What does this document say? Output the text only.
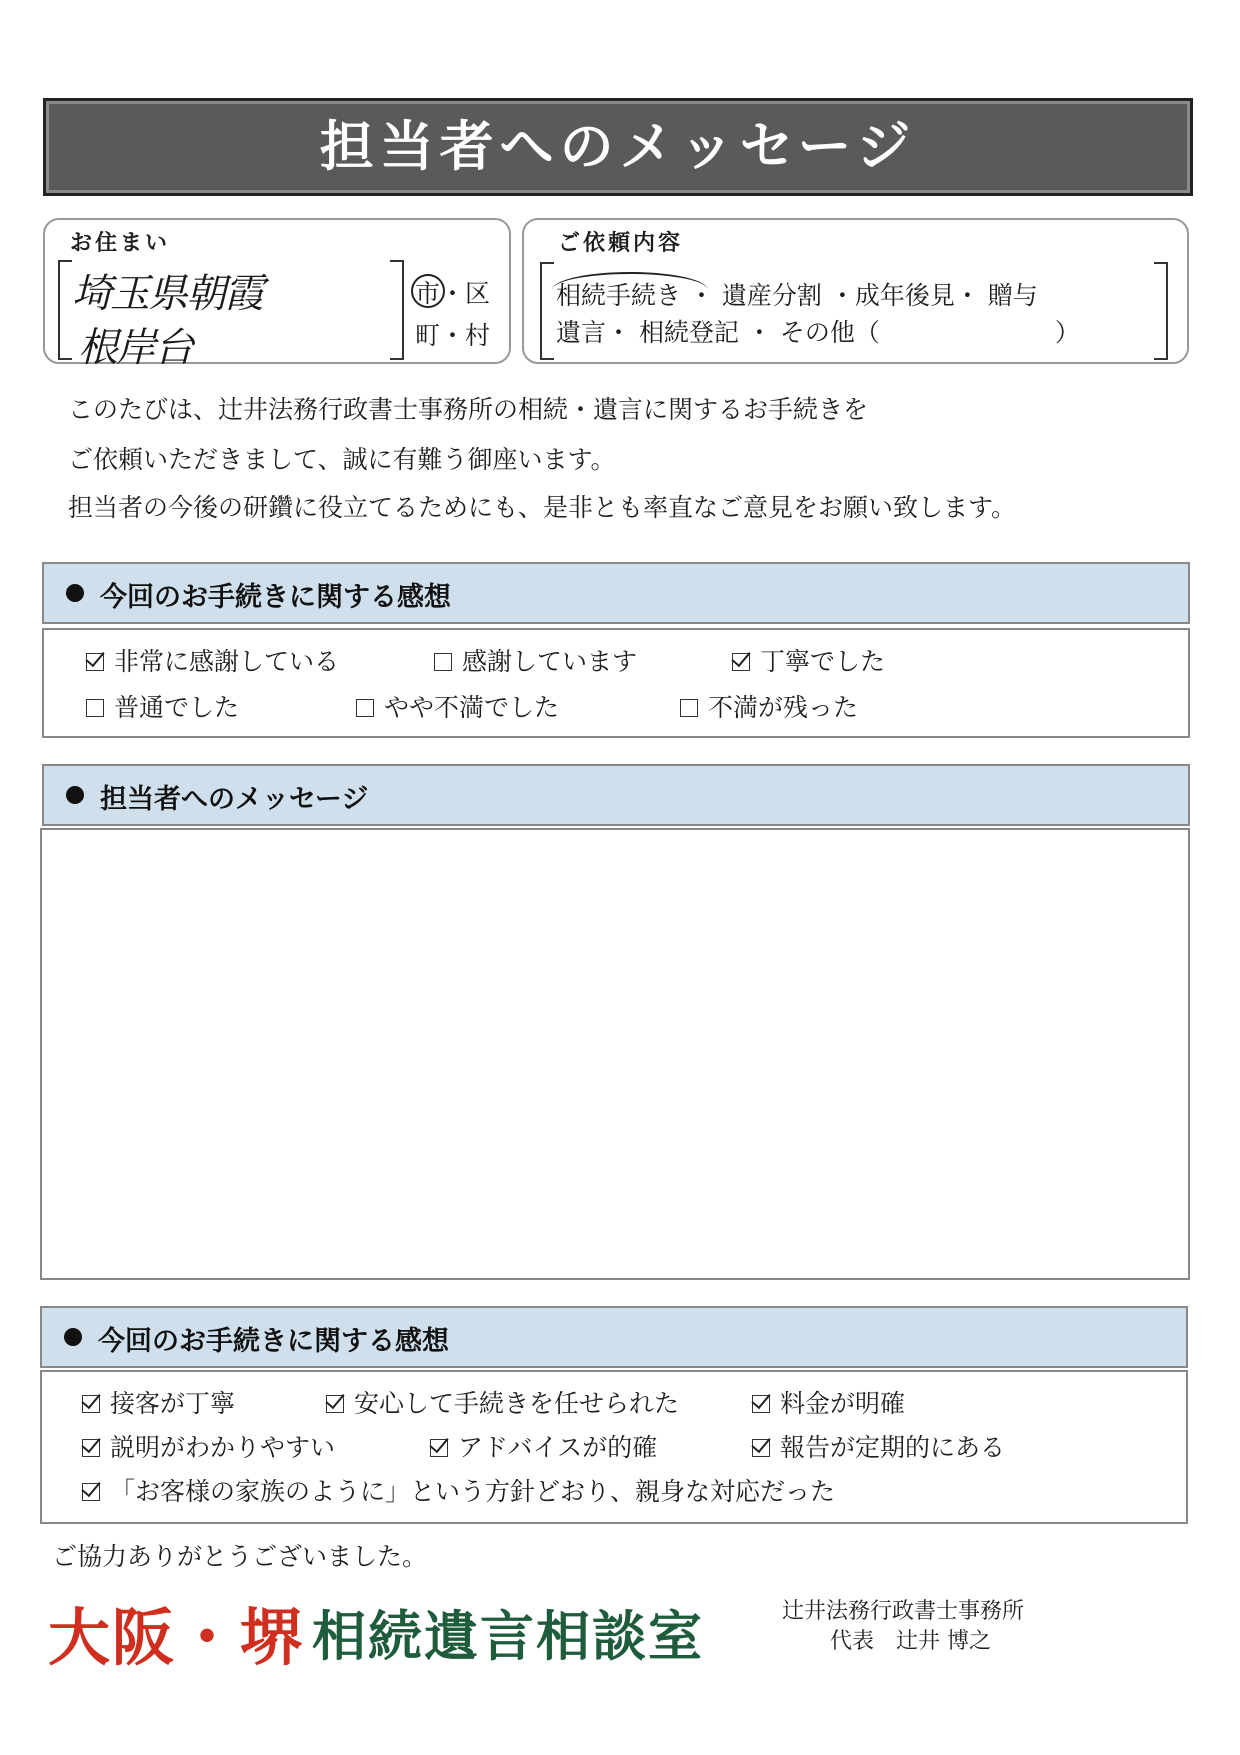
担当者へのメッセージ
お住まい
埼玉県朝霞
根岸台
市・区
町・村
ご依頼内容
相続手続き ・ 遺産分割 ・成年後見・ 贈与
遺言・ 相続登記 ・ その他（　　　　　　　）
このたびは、辻井法務行政書士事務所の相続・遺言に関するお手続きを
ご依頼いただきまして、誠に有難う御座います。
担当者の今後の研鑽に役立てるためにも、是非とも率直なご意見をお願い致します。
今回のお手続きに関する感想
非常に感謝している	感謝しています	丁寧でした
普通でした	やや不満でした	不満が残った
担当者へのメッセージ
今回のお手続きに関する感想
接客が丁寧	安心して手続きを任せられた	料金が明確
説明がわかりやすい	アドバイスが的確	報告が定期的にある
「お客様の家族のように」という方針どおり、親身な対応だった
ご協力ありがとうございました。
大阪・堺 相続遺言相談室	辻井法務行政書士事務所
代表　辻井 博之
